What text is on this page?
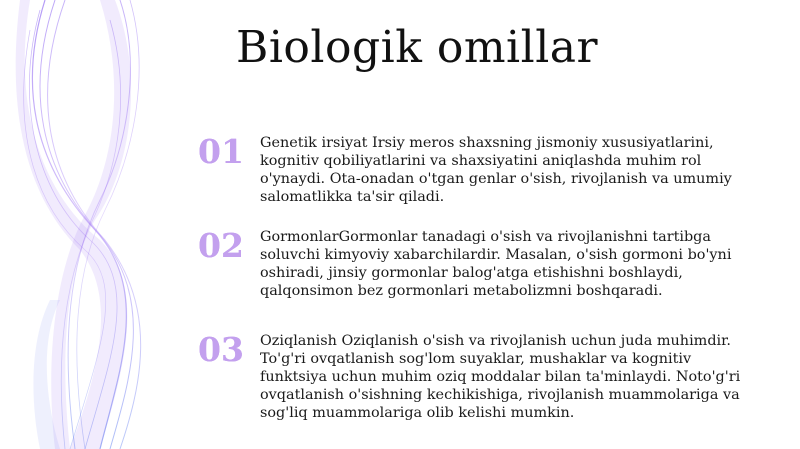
Biologik omillar
01 Genetik irsiyat Irsiy meros shaxsning jismoniy xususiyatlarini, kognitiv qobiliyatlarini va shaxsiyatini aniqlashda muhim rol o'ynaydi. Ota-onadan o'tgan genlar o'sish, rivojlanish va umumiy salomatlikka ta'sir qiladi.
02 GormonlarGormonlar tanadagi o'sish va rivojlanishni tartibga soluvchi kimyoviy xabarchilardir. Masalan, o'sish gormoni bo'yni oshiradi, jinsiy gormonlar balog'atga etishishni boshlaydi, qalqonsimon bez gormonlari metabolizmni boshqaradi.
03 Oziqlanish Oziqlanish o'sish va rivojlanish uchun juda muhimdir. To'g'ri ovqatlanish sog'lom suyaklar, mushaklar va kognitiv funktsiya uchun muhim oziq moddalar bilan ta'minlaydi. Noto'g'ri ovqatlanish o'sishning kechikishiga, rivojlanish muammolariga va sog'liq muammolariga olib kelishi mumkin.
